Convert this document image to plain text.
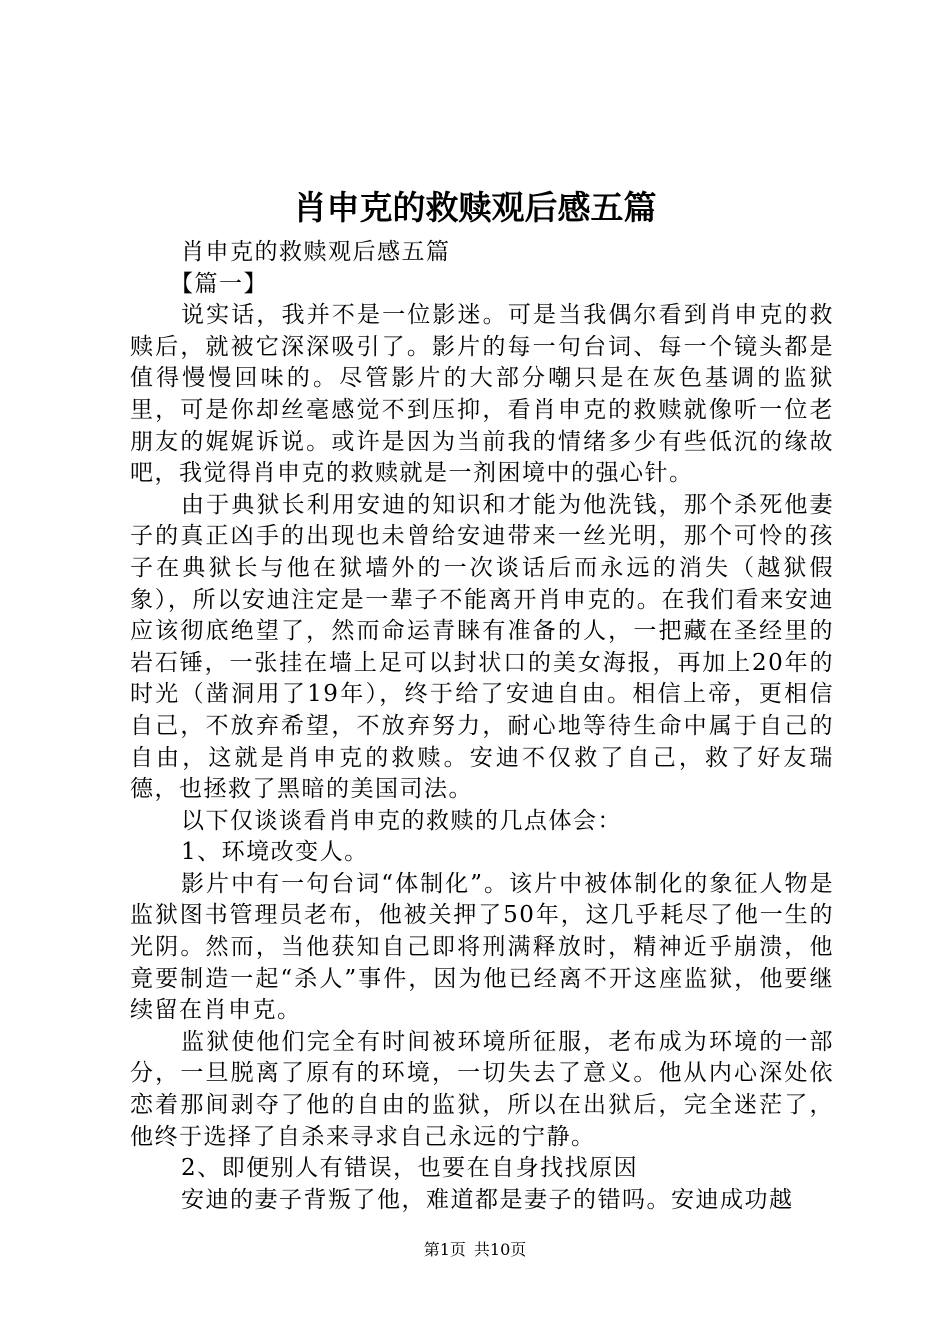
肖申克的救赎观后感五篇

肖申克的救赎观后感五篇

【篇一】

说实话，我并不是一位影迷。可是当我偶尔看到肖申克的救赎后，就被它深深吸引了。影片的每一句台词、每一个镜头都是值得慢慢回味的。尽管影片的大部分嘲只是在灰色基调的监狱里，可是你却丝毫感觉不到压抑，看肖申克的救赎就像听一位老朋友的娓娓诉说。或许是因为当前我的情绪多少有些低沉的缘故吧，我觉得肖申克的救赎就是一剂困境中的强心针。

由于典狱长利用安迪的知识和才能为他洗钱，那个杀死他妻子的真正凶手的出现也未曾给安迪带来一丝光明，那个可怜的孩子在典狱长与他在狱墙外的一次谈话后而永远的消失（越狱假象），所以安迪注定是一辈子不能离开肖申克的。在我们看来安迪应该彻底绝望了，然而命运青睐有准备的人，一把藏在圣经里的岩石锤，一张挂在墙上足可以封状口的美女海报，再加上20年的时光（凿洞用了19年），终于给了安迪自由。相信上帝，更相信自己，不放弃希望，不放弃努力，耐心地等待生命中属于自己的自由，这就是肖申克的救赎。安迪不仅救了自己，救了好友瑞德，也拯救了黑暗的美国司法。

以下仅谈谈看肖申克的救赎的几点体会：

1、环境改变人。

影片中有一句台词“体制化”。该片中被体制化的象征人物是监狱图书管理员老布，他被关押了50年，这几乎耗尽了他一生的光阴。然而，当他获知自己即将刑满释放时，精神近乎崩溃，他竟要制造一起“杀人”事件，因为他已经离不开这座监狱，他要继续留在肖申克。

监狱使他们完全有时间被环境所征服，老布成为环境的一部分，一旦脱离了原有的环境，一切失去了意义。他从内心深处依恋着那间剥夺了他的自由的监狱，所以在出狱后，完全迷茫了，他终于选择了自杀来寻求自己永远的宁静。

2、即便别人有错误，也要在自身找找原因

安迪的妻子背叛了他，难道都是妻子的错吗。安迪成功越

第1页 共10页
